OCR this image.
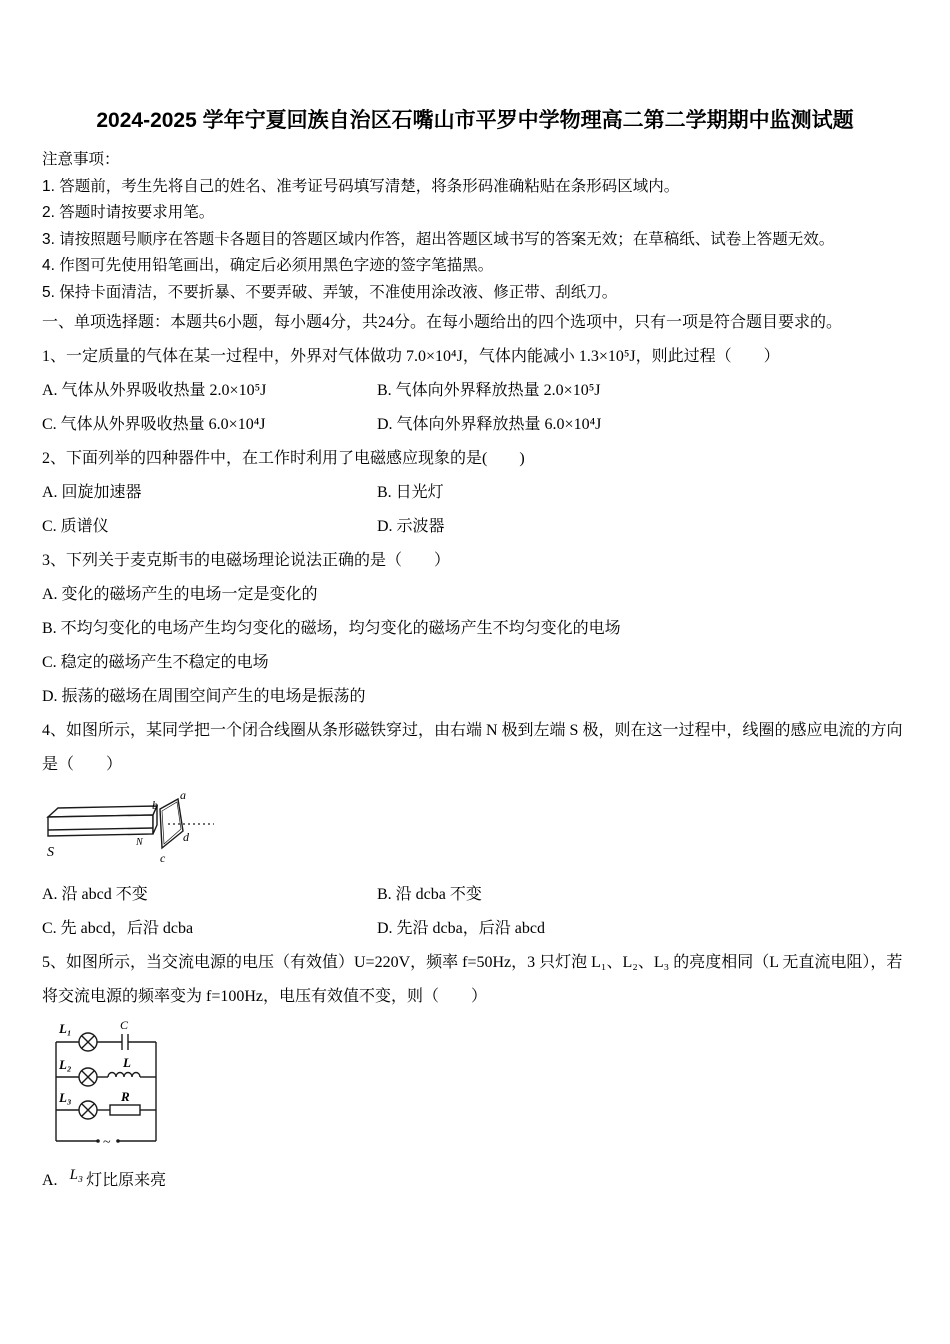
2024-2025 学年宁夏回族自治区石嘴山市平罗中学物理高二第二学期期中监测试题

注意事项：

1. 答题前，考生先将自己的姓名、准考证号码填写清楚，将条形码准确粘贴在条形码区域内。

2. 答题时请按要求用笔。

3. 请按照题号顺序在答题卡各题目的答题区域内作答，超出答题区域书写的答案无效；在草稿纸、试卷上答题无效。

4. 作图可先使用铅笔画出，确定后必须用黑色字迹的签字笔描黑。

5. 保持卡面清洁，不要折暴、不要弄破、弄皱，不准使用涂改液、修正带、刮纸刀。

一、单项选择题：本题共6小题，每小题4分，共24分。在每小题给出的四个选项中，只有一项是符合题目要求的。

1、一定质量的气体在某一过程中，外界对气体做功 7.0×10⁴J，气体内能减小 1.3×10⁵J，则此过程（　　）

A. 气体从外界吸收热量 2.0×10⁵J	B. 气体向外界释放热量 2.0×10⁵J
C. 气体从外界吸收热量 6.0×10⁴J	D. 气体向外界释放热量 6.0×10⁴J

2、下面列举的四种器件中，在工作时利用了电磁感应现象的是(　　)

A. 回旋加速器	B. 日光灯
C. 质谱仪	D. 示波器

3、下列关于麦克斯韦的电磁场理论说法正确的是（　　）

A. 变化的磁场产生的电场一定是变化的

B. 不均匀变化的电场产生均匀变化的磁场，均匀变化的磁场产生不均匀变化的电场

C. 稳定的磁场产生不稳定的电场

D. 振荡的磁场在周围空间产生的电场是振荡的

4、如图所示，某同学把一个闭合线圈从条形磁铁穿过，由右端 N 极到左端 S 极，则在这一过程中，线圈的感应电流的方向是（　　）

S
N
a
b
c
d
A. 沿 abcd 不变	B. 沿 dcba 不变
C. 先 abcd，后沿 dcba	D. 先沿 dcba，后沿 abcd

5、如图所示，当交流电源的电压（有效值）U=220V，频率 f=50Hz，3 只灯泡 L₁、L₂、L₃ 的亮度相同（L 无直流电阻），若将交流电源的频率变为 f=100Hz，电压有效值不变，则（　　）

~
L₁	C
L₂	L
L₃	R

A. L₃ 灯比原来亮
